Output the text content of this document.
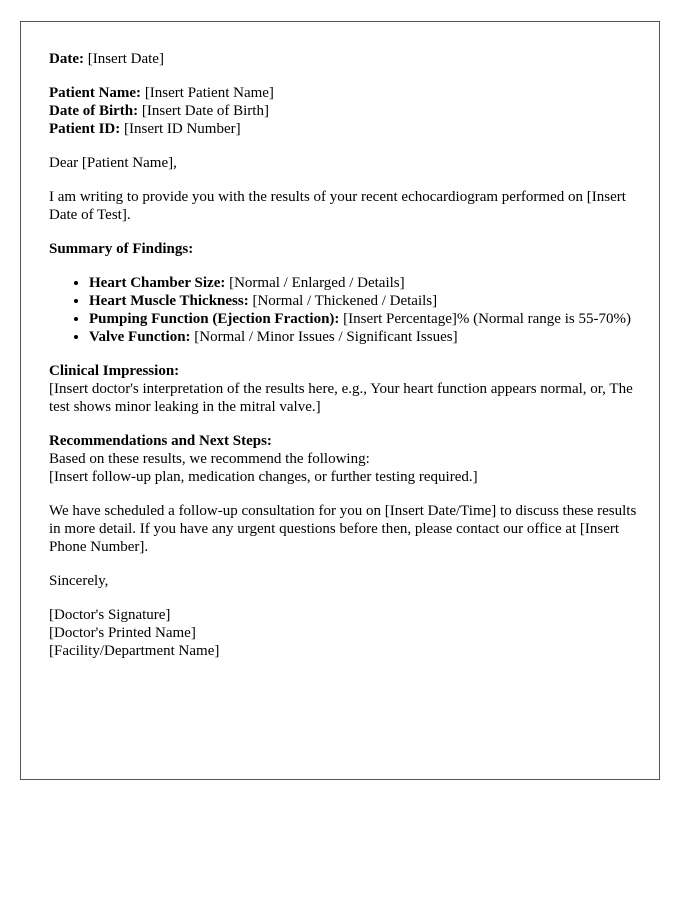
Date: [Insert Date]

Patient Name: [Insert Patient Name]
Date of Birth: [Insert Date of Birth]
Patient ID: [Insert ID Number]

Dear [Patient Name],

I am writing to provide you with the results of your recent echocardiogram performed on [Insert Date of Test].

Summary of Findings:

• Heart Chamber Size: [Normal / Enlarged / Details]
• Heart Muscle Thickness: [Normal / Thickened / Details]
• Pumping Function (Ejection Fraction): [Insert Percentage]% (Normal range is 55-70%)
• Valve Function: [Normal / Minor Issues / Significant Issues]

Clinical Impression:
[Insert doctor's interpretation of the results here, e.g., Your heart function appears normal, or, The test shows minor leaking in the mitral valve.]

Recommendations and Next Steps:
Based on these results, we recommend the following:
[Insert follow-up plan, medication changes, or further testing required.]

We have scheduled a follow-up consultation for you on [Insert Date/Time] to discuss these results in more detail. If you have any urgent questions before then, please contact our office at [Insert Phone Number].

Sincerely,

[Doctor's Signature]
[Doctor's Printed Name]
[Facility/Department Name]
